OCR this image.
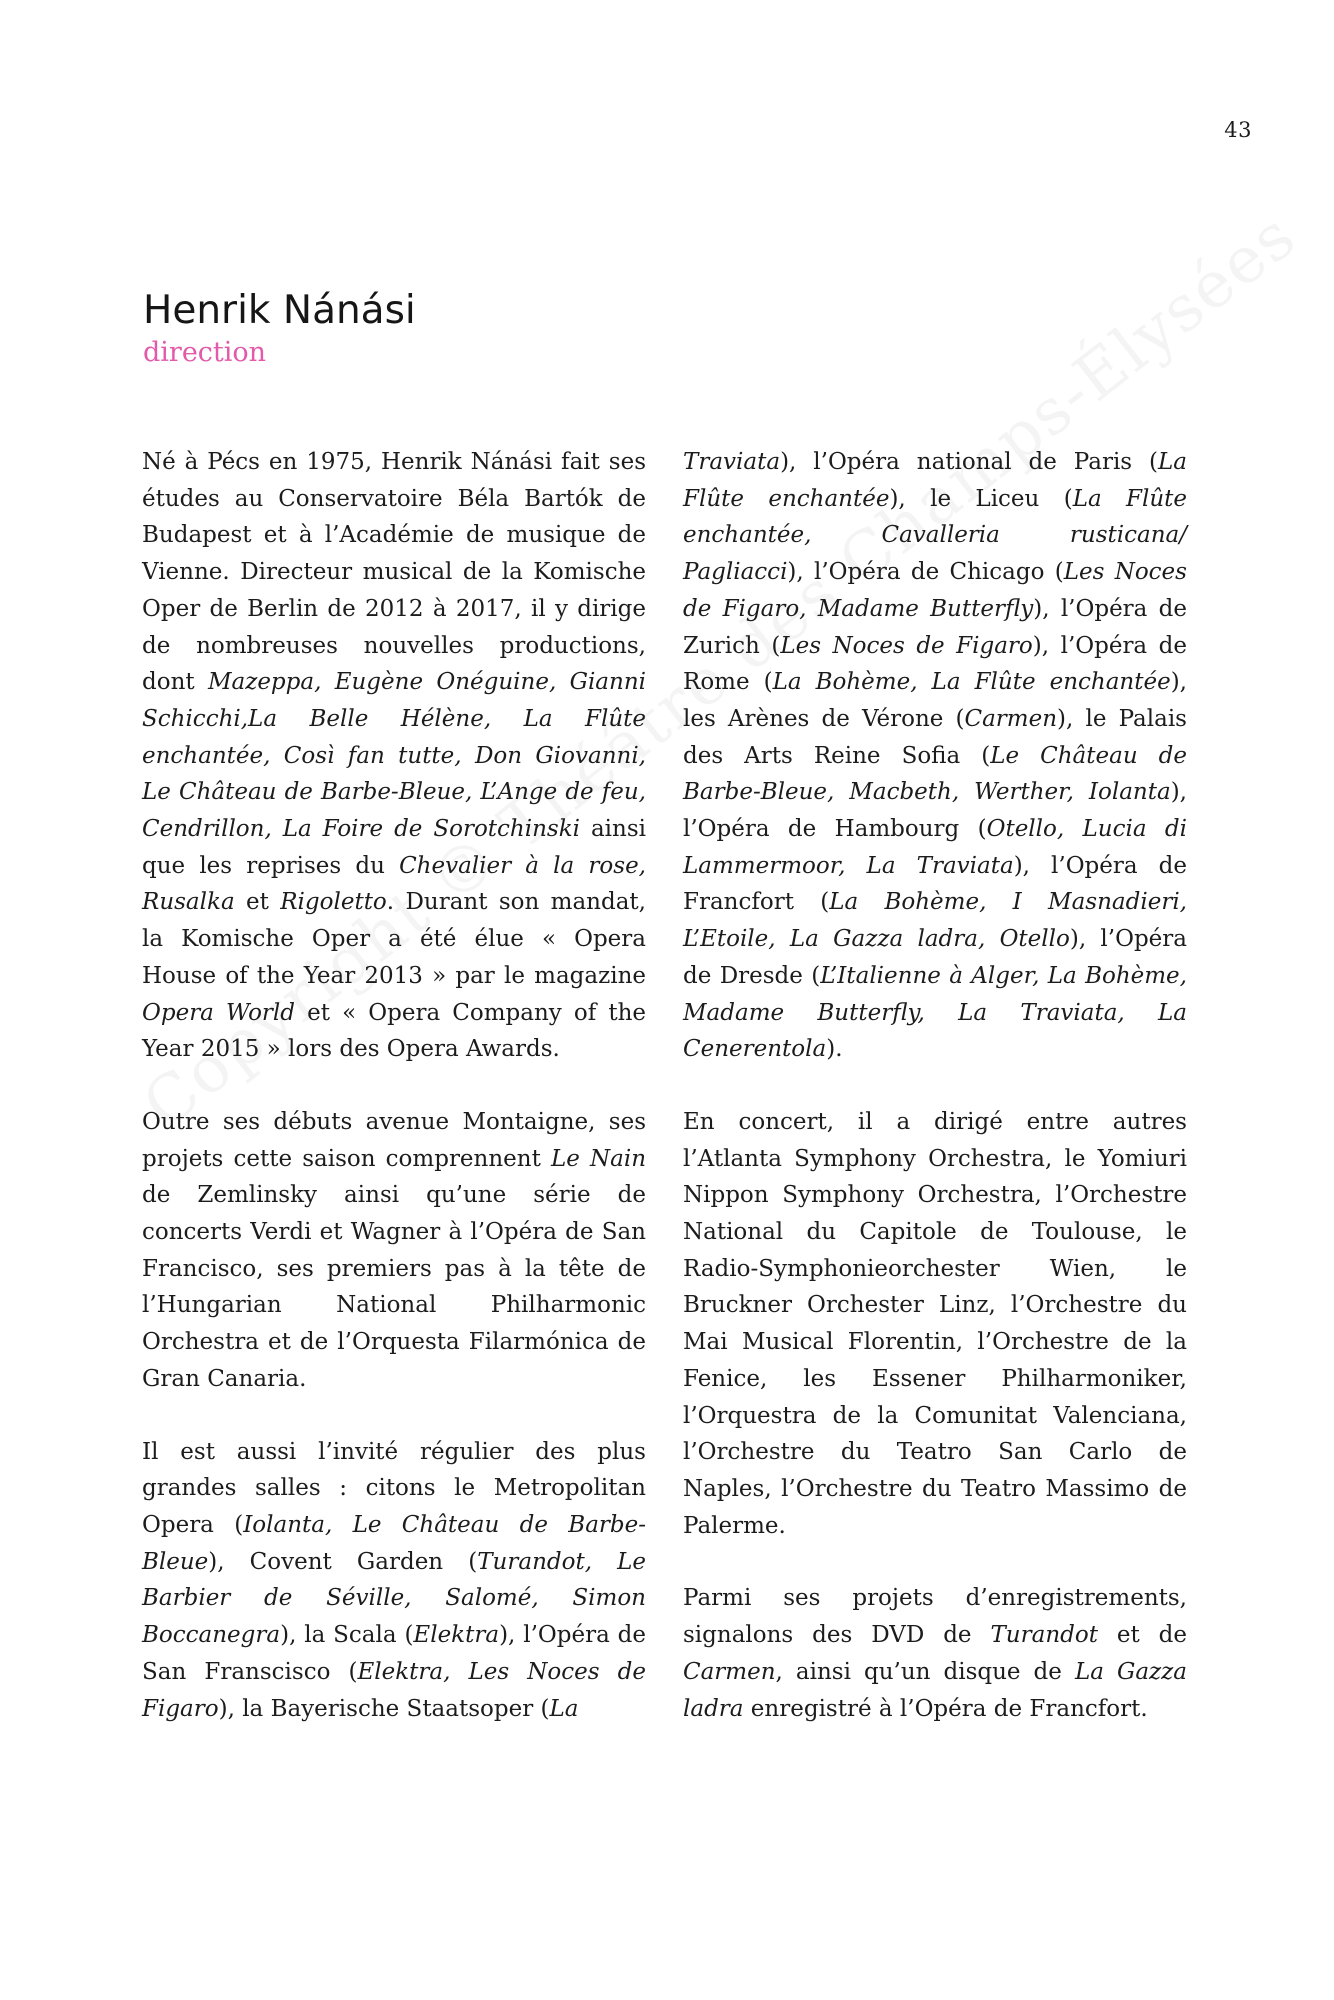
43
Henrik Nánási
direction

Né à Pécs en 1975, Henrik Nánási fait ses études au Conservatoire Béla Bartók de Budapest et à l’Académie de musique de Vienne. Directeur musical de la Komische Oper de Berlin de 2012 à 2017, il y dirige de nombreuses nouvelles productions, dont Mazeppa, Eugène Onéguine, Gianni Schicchi,La Belle Hélène, La Flûte enchantée, Così fan tutte, Don Giovanni, Le Château de Barbe-Bleue, L’Ange de feu, Cendrillon, La Foire de Sorotchinski ainsi que les reprises du Chevalier à la rose, Rusalka et Rigoletto. Durant son mandat, la Komische Oper a été élue « Opera House of the Year 2013 » par le magazine Opera World et « Opera Company of the Year 2015 » lors des Opera Awards.

Outre ses débuts avenue Montaigne, ses projets cette saison comprennent Le Nain de Zemlinsky ainsi qu’une série de concerts Verdi et Wagner à l’Opéra de San Francisco, ses premiers pas à la tête de l’Hungarian National Philharmonic Orchestra et de l’Orquesta Filarmónica de Gran Canaria.

Il est aussi l’invité régulier des plus grandes salles : citons le Metropolitan Opera (Iolanta, Le Château de Barbe-Bleue), Covent Garden (Turandot, Le Barbier de Séville, Salomé, Simon Boccanegra), la Scala (Elektra), l’Opéra de San Franscisco (Elektra, Les Noces de Figaro), la Bayerische Staatsoper (La

Traviata), l’Opéra national de Paris (La Flûte enchantée), le Liceu (La Flûte enchantée, Cavalleria rusticana/ Pagliacci), l’Opéra de Chicago (Les Noces de Figaro, Madame Butterfly), l’Opéra de Zurich (Les Noces de Figaro), l’Opéra de Rome (La Bohème, La Flûte enchantée), les Arènes de Vérone (Carmen), le Palais des Arts Reine Sofia (Le Château de Barbe-Bleue, Macbeth, Werther, Iolanta), l’Opéra de Hambourg (Otello, Lucia di Lammermoor, La Traviata), l’Opéra de Francfort (La Bohème, I Masnadieri, L’Etoile, La Gazza ladra, Otello), l’Opéra de Dresde (L’Italienne à Alger, La Bohème, Madame Butterfly, La Traviata, La Cenerentola).

En concert, il a dirigé entre autres l’Atlanta Symphony Orchestra, le Yomiuri Nippon Symphony Orchestra, l’Orchestre National du Capitole de Toulouse, le Radio-Symphonieorchester Wien, le Bruckner Orchester Linz, l’Orchestre du Mai Musical Florentin, l’Orchestre de la Fenice, les Essener Philharmoniker, l’Orquestra de la Comunitat Valenciana, l’Orchestre du Teatro San Carlo de Naples, l’Orchestre du Teatro Massimo de Palerme.

Parmi ses projets d’enregistrements, signalons des DVD de Turandot et de Carmen, ainsi qu’un disque de La Gazza ladra enregistré à l’Opéra de Francfort.
